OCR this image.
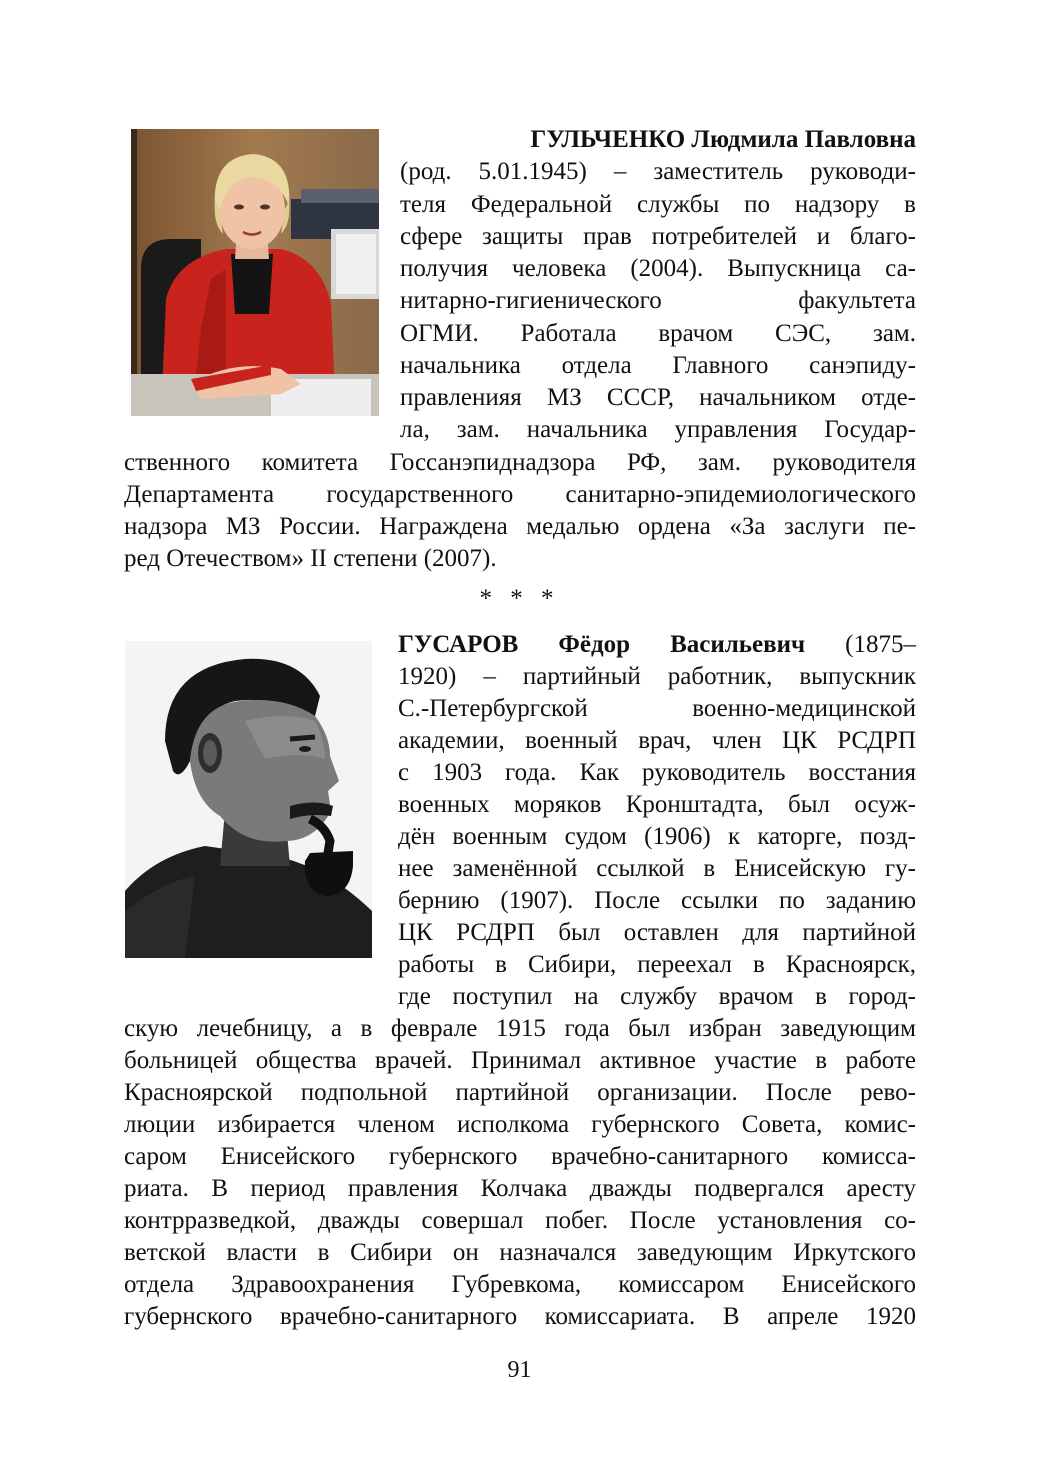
ГУЛЬЧЕНКО Людмила Павловна
(род. 5.01.1945) – заместитель руководи-
теля Федеральной службы по надзору в
сфере защиты прав потребителей и благо-
получия человека (2004). Выпускница са-
нитарно-гигиенического факультета
ОГМИ. Работала врачом СЭС, зам.
начальника отдела Главного санэпиду-
правленияя МЗ СССР, начальником отде-
ла, зам. начальника управления Государ-
ственного комитета Госсанэпиднадзора РФ, зам. руководителя
Департамента государственного санитарно-эпидемиологического
надзора МЗ России. Награждена медалью ордена «За заслуги пе-
ред Отечеством» II степени (2007).
* * *
ГУСАРОВ Фёдор Васильевич (1875–
1920) – партийный работник, выпускник
С.-Петербургской военно-медицинской
академии, военный врач, член ЦК РСДРП
с 1903 года. Как руководитель восстания
военных моряков Кронштадта, был осуж-
дён военным судом (1906) к каторге, позд-
нее заменённой ссылкой в Енисейскую гу-
бернию (1907). После ссылки по заданию
ЦК РСДРП был оставлен для партийной
работы в Сибири, переехал в Красноярск,
где поступил на службу врачом в город-
скую лечебницу, а в феврале 1915 года был избран заведующим
больницей общества врачей. Принимал активное участие в работе
Красноярской подпольной партийной организации. После рево-
люции избирается членом исполкома губернского Совета, комис-
саром Енисейского губернского врачебно-санитарного комисса-
риата. В период правления Колчака дважды подвергался аресту
контрразведкой, дважды совершал побег. После установления со-
ветской власти в Сибири он назначался заведующим Иркутского
отдела Здравоохранения Губревкома, комиссаром Енисейского
губернского врачебно-санитарного комиссариата. В апреле 1920
91
